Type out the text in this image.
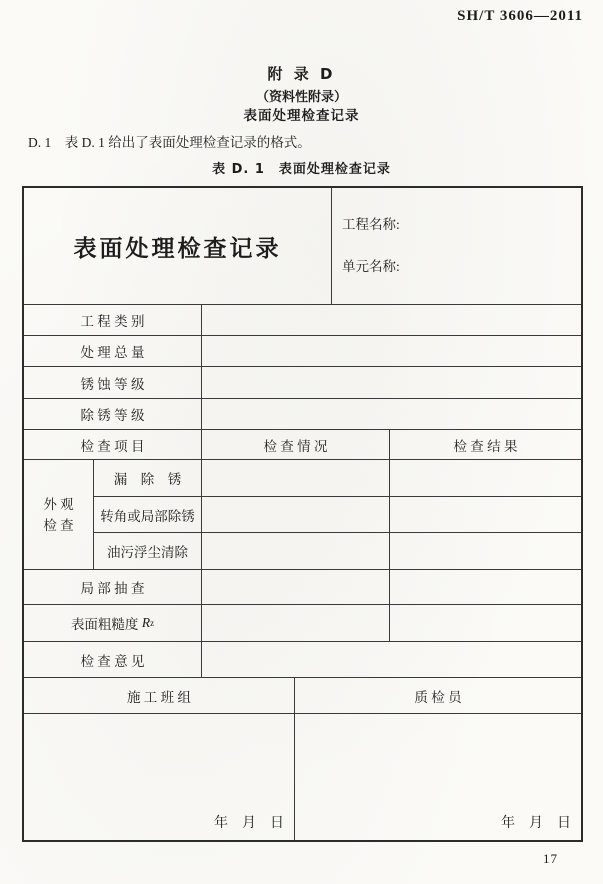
SH/T 3606—2011
附 录 D
（资料性附录）
表面处理检查记录
D. 1　表 D. 1 给出了表面处理检查记录的格式。
表 D. 1　表面处理检查记录
表面处理检查记录
工程名称:
单元名称:
工 程 类 别
处 理 总 量
锈 蚀 等 级
除 锈 等 级
检 查 项 目	检 查 情 况	检 查 结 果
外 观
检 查
漏　除　锈
转角或局部除锈
油污浮尘清除
局 部 抽 查
表面粗糙度 R z
检 查 意 见
施 工 班 组	质 检 员
年　月　日	年　月　日
17
